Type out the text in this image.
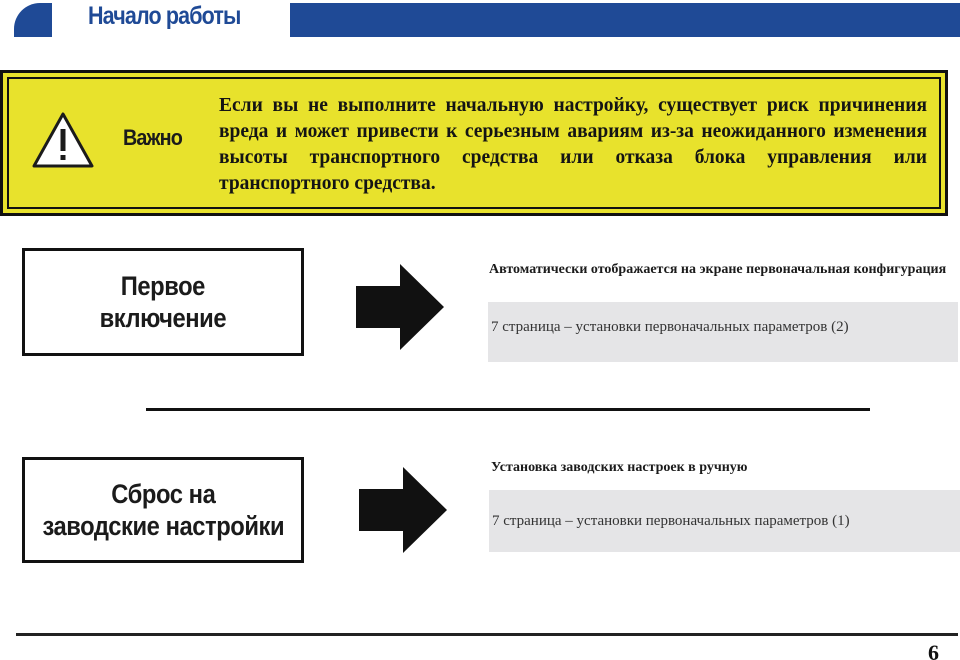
Начало работы
Важно
Если вы не выполните начальную настройку, существует риск причинения вреда и может привести к серьезным авариям из-за неожиданного изменения высоты транспортного средства или отказа блока управления или транспортного средства.
Первое
включение
Автоматически отображается на экране первоначальная конфигурация
7 страница – установки первоначальных параметров (2)
Сброс на
заводские настройки
Установка заводских настроек в ручную
7 страница – установки первоначальных параметров (1)
6
